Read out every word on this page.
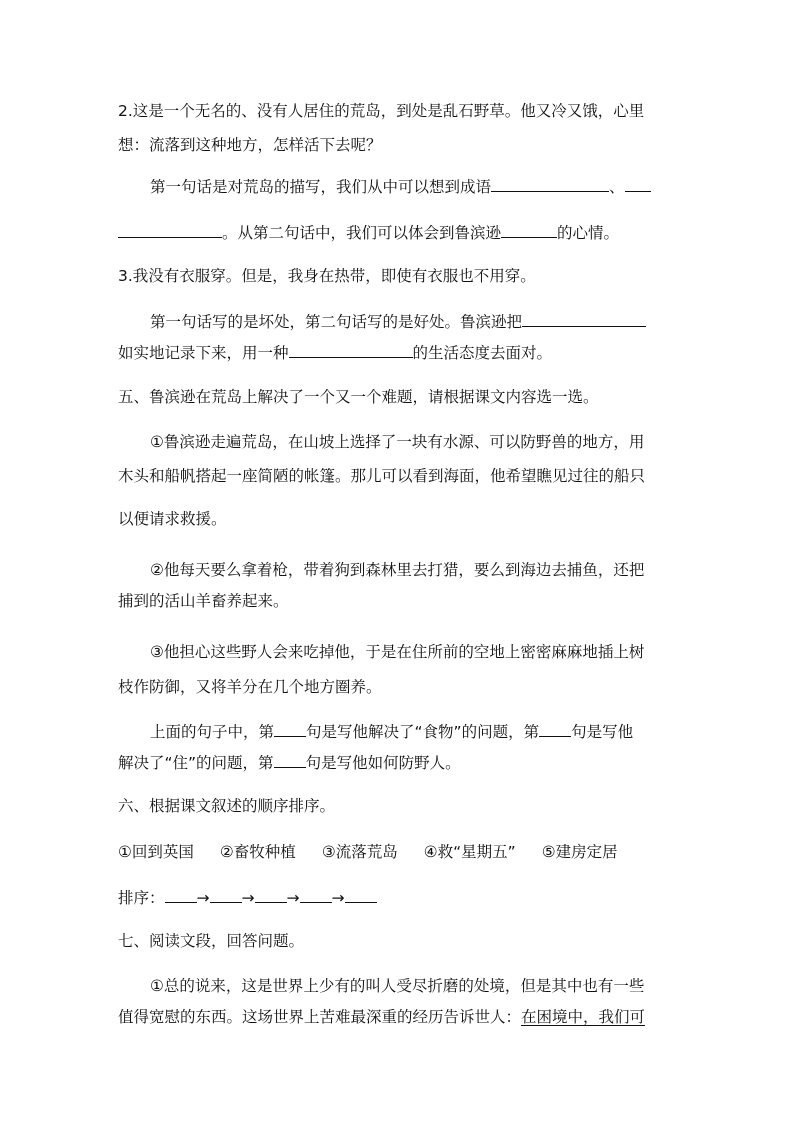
2.这是一个无名的、没有人居住的荒岛，到处是乱石野草。他又冷又饿，心里
想：流落到这种地方，怎样活下去呢？
第一句话是对荒岛的描写，我们从中可以想到成语	、
。从第二句话中，我们可以体会到鲁滨逊	的心情。
3.我没有衣服穿。但是，我身在热带，即使有衣服也不用穿。
第一句话写的是坏处，第二句话写的是好处。鲁滨逊把
如实地记录下来，用一种	的生活态度去面对。
五、鲁滨逊在荒岛上解决了一个又一个难题，请根据课文内容选一选。
①鲁滨逊走遍荒岛，在山坡上选择了一块有水源、可以防野兽的地方，用
木头和船帆搭起一座简陋的帐篷。那儿可以看到海面，他希望瞧见过往的船只
以便请求救援。
②他每天要么拿着枪，带着狗到森林里去打猎，要么到海边去捕鱼，还把
捕到的活山羊畜养起来。
③他担心这些野人会来吃掉他，于是在住所前的空地上密密麻麻地插上树
枝作防御，又将羊分在几个地方圈养。
上面的句子中，第 句是写他解决了“食物”的问题，第 句是写他
解决了“住”的问题，第 句是写他如何防野人。
六、根据课文叙述的顺序排序。
①回到英国 ②畜牧种植 ③流落荒岛 ④救“星期五” ⑤建房定居
排序： → → → →
七、阅读文段，回答问题。
①总的说来，这是世界上少有的叫人受尽折磨的处境，但是其中也有一些
值得宽慰的东西。这场世界上苦难最深重的经历告诉世人：在困境中，我们可
